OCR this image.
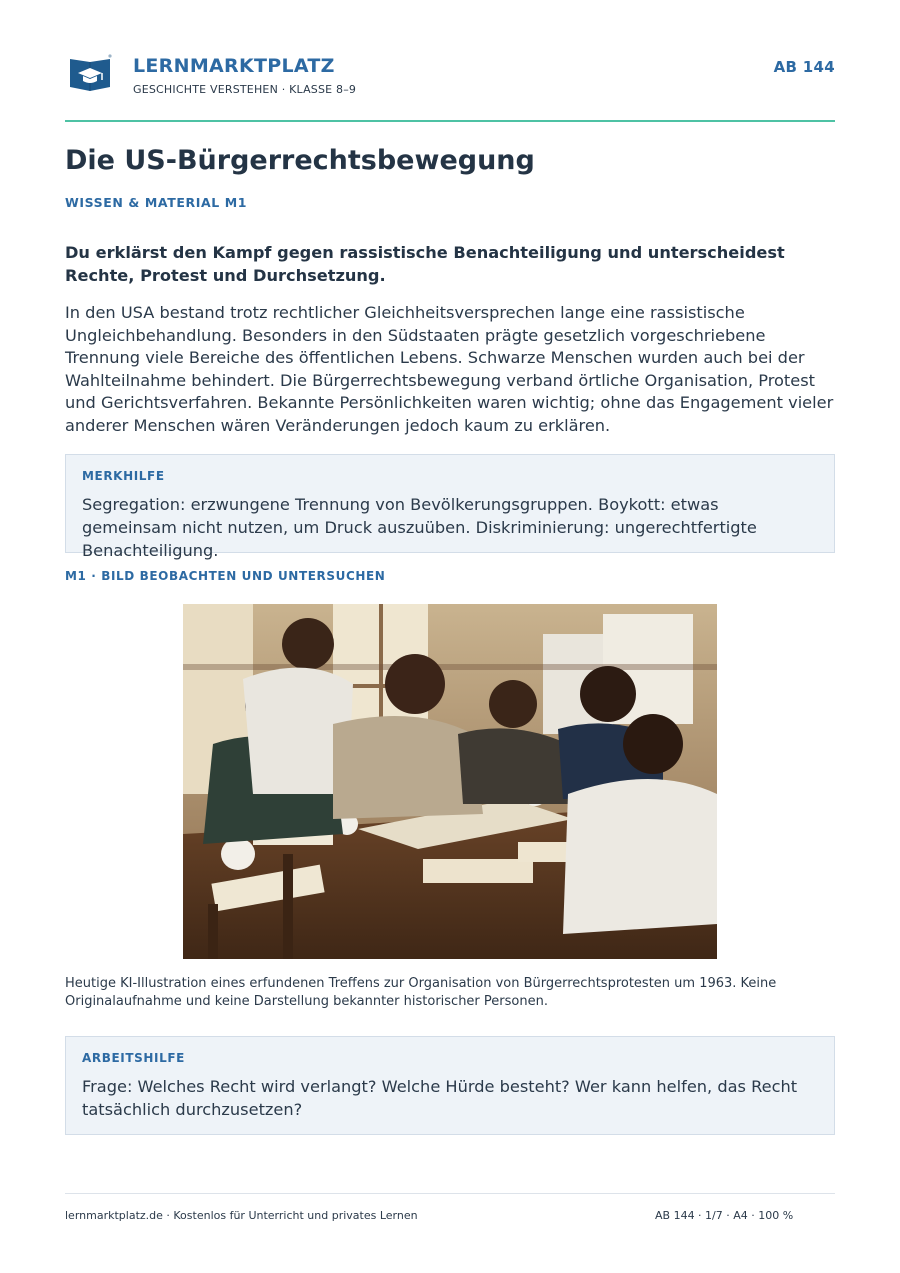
LERNMARKTPLATZ
GESCHICHTE VERSTEHEN · KLASSE 8–9
AB 144
Die US-Bürgerrechtsbewegung
WISSEN & MATERIAL M1

Du erklärst den Kampf gegen rassistische Benachteiligung und unterscheidest Rechte, Protest und Durchsetzung.

In den USA bestand trotz rechtlicher Gleichheitsversprechen lange eine rassistische Ungleichbehandlung. Besonders in den Südstaaten prägte gesetzlich vorgeschriebene Trennung viele Bereiche des öffentlichen Lebens. Schwarze Menschen wurden auch bei der Wahlteilnahme behindert. Die Bürgerrechtsbewegung verband örtliche Organisation, Protest und Gerichtsverfahren. Bekannte Persönlichkeiten waren wichtig; ohne das Engagement vieler anderer Menschen wären Veränderungen jedoch kaum zu erklären.

MERKHILFE

Segregation: erzwungene Trennung von Bevölkerungsgruppen. Boykott: etwas gemeinsam nicht nutzen, um Druck auszuüben. Diskriminierung: ungerechtfertigte Benachteiligung.

M1 · BILD BEOBACHTEN UND UNTERSUCHEN

Heutige KI-Illustration eines erfundenen Treffens zur Organisation von Bürgerrechtsprotesten um 1963. Keine Originalaufnahme und keine Darstellung bekannter historischer Personen.

ARBEITSHILFE

Frage: Welches Recht wird verlangt? Welche Hürde besteht? Wer kann helfen, das Recht tatsächlich durchzusetzen?

lernmarktplatz.de · Kostenlos für Unterricht und privates Lernen	AB 144 · 1/7 · A4 · 100 %
